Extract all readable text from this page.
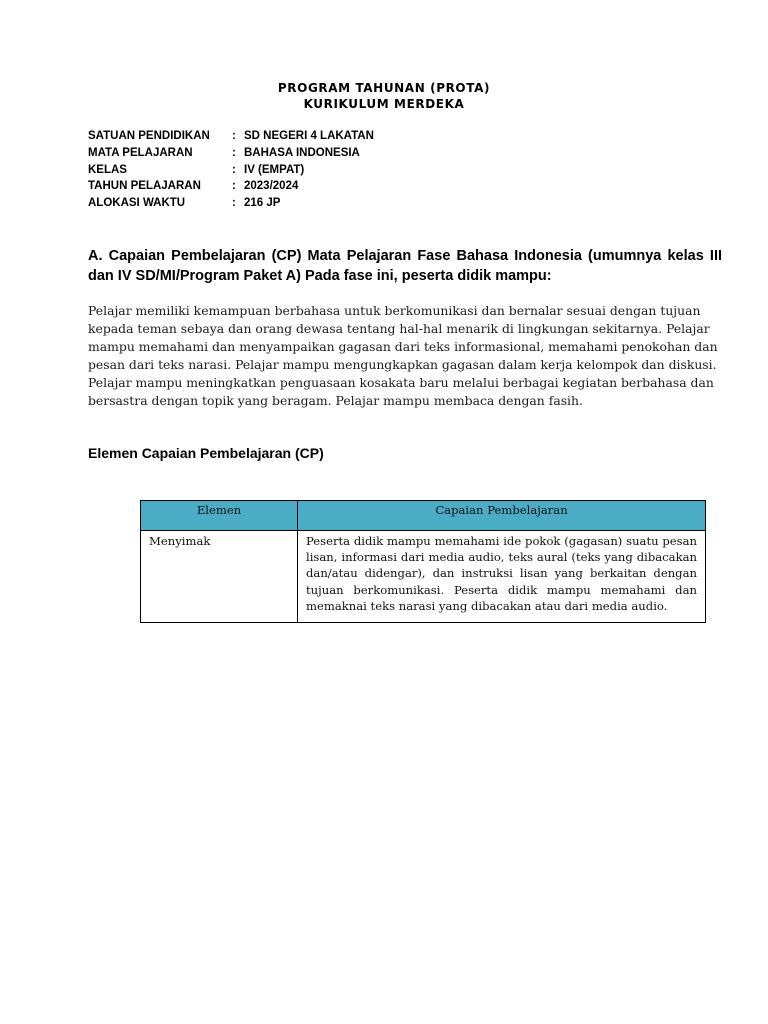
PROGRAM TAHUNAN (PROTA)
KURIKULUM MERDEKA
SATUAN PENDIDIKAN	: SD NEGERI 4 LAKATAN
MATA PELAJARAN	: BAHASA INDONESIA
KELAS	: IV (EMPAT)
TAHUN PELAJARAN	: 2023/2024
ALOKASI WAKTU	: 216 JP
A. Capaian Pembelajaran (CP) Mata Pelajaran Fase Bahasa Indonesia (umumnya kelas III dan IV SD/MI/Program Paket A) Pada fase ini, peserta didik mampu:
Pelajar memiliki kemampuan berbahasa untuk berkomunikasi dan bernalar sesuai dengan tujuan kepada teman sebaya dan orang dewasa tentang hal-hal menarik di lingkungan sekitarnya. Pelajar mampu memahami dan menyampaikan gagasan dari teks informasional, memahami penokohan dan pesan dari teks narasi. Pelajar mampu mengungkapkan gagasan dalam kerja kelompok dan diskusi. Pelajar mampu meningkatkan penguasaan kosakata baru melalui berbagai kegiatan berbahasa dan bersastra dengan topik yang beragam. Pelajar mampu membaca dengan fasih.
Elemen Capaian Pembelajaran (CP)
Elemen	Capaian Pembelajaran
Menyimak	Peserta didik mampu memahami ide pokok (gagasan) suatu pesan lisan, informasi dari media audio, teks aural (teks yang dibacakan dan/atau didengar), dan instruksi lisan yang berkaitan dengan tujuan berkomunikasi. Peserta didik mampu memahami dan memaknai teks narasi yang dibacakan atau dari media audio.
